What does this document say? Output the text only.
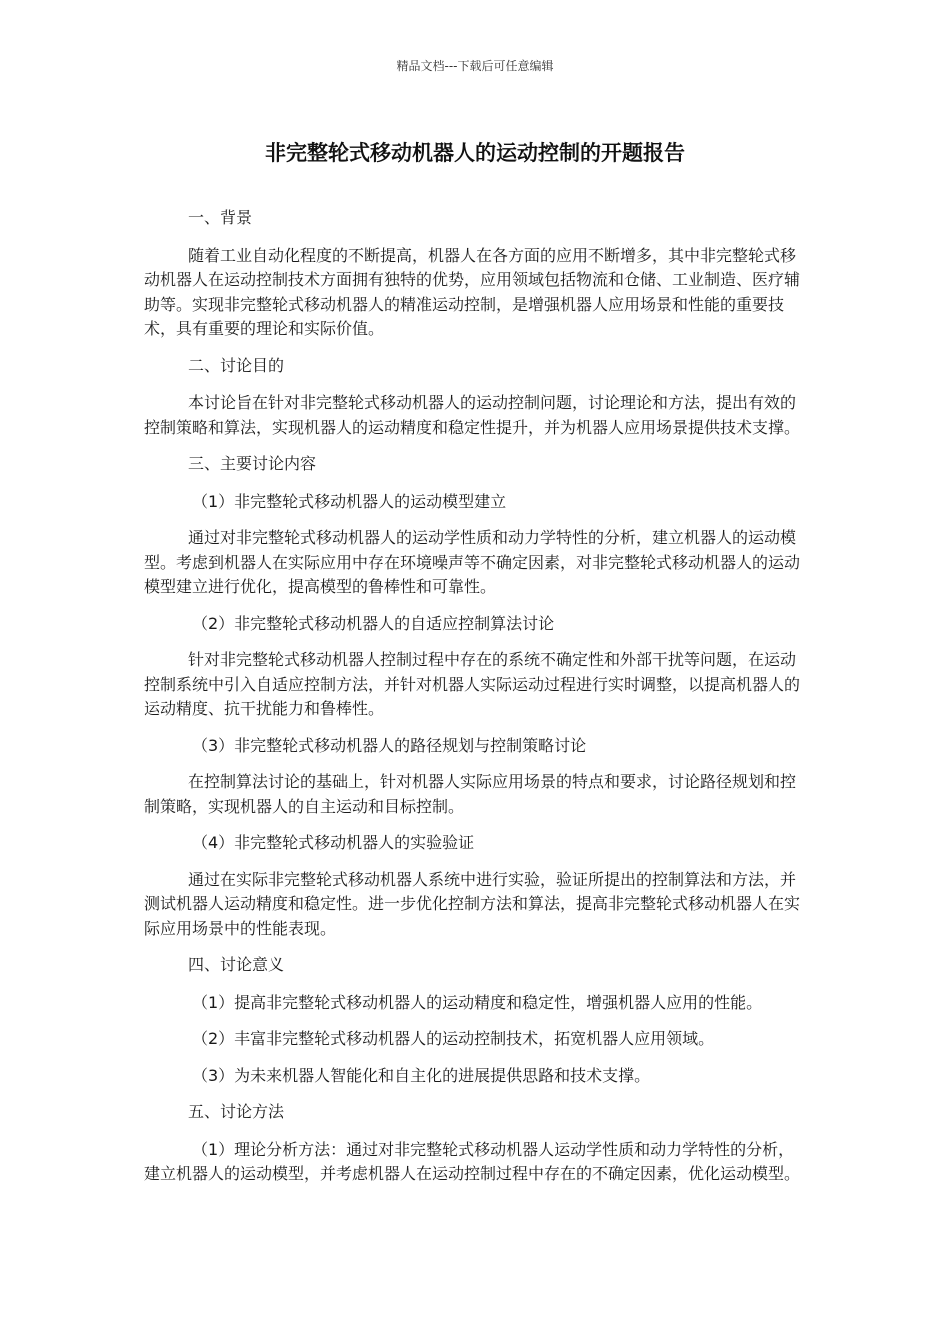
精品文档---下载后可任意编辑
非完整轮式移动机器人的运动控制的开题报告

一、背景

随着工业自动化程度的不断提高，机器人在各方面的应用不断增多，其中非完整轮式移动机器人在运动控制技术方面拥有独特的优势，应用领域包括物流和仓储、工业制造、医疗辅助等。实现非完整轮式移动机器人的精准运动控制，是增强机器人应用场景和性能的重要技术，具有重要的理论和实际价值。

二、讨论目的

本讨论旨在针对非完整轮式移动机器人的运动控制问题，讨论理论和方法，提出有效的控制策略和算法，实现机器人的运动精度和稳定性提升，并为机器人应用场景提供技术支撑。

三、主要讨论内容

（1）非完整轮式移动机器人的运动模型建立

通过对非完整轮式移动机器人的运动学性质和动力学特性的分析，建立机器人的运动模型。考虑到机器人在实际应用中存在环境噪声等不确定因素，对非完整轮式移动机器人的运动模型建立进行优化，提高模型的鲁棒性和可靠性。

（2）非完整轮式移动机器人的自适应控制算法讨论

针对非完整轮式移动机器人控制过程中存在的系统不确定性和外部干扰等问题，在运动控制系统中引入自适应控制方法，并针对机器人实际运动过程进行实时调整，以提高机器人的运动精度、抗干扰能力和鲁棒性。

（3）非完整轮式移动机器人的路径规划与控制策略讨论

在控制算法讨论的基础上，针对机器人实际应用场景的特点和要求，讨论路径规划和控制策略，实现机器人的自主运动和目标控制。

（4）非完整轮式移动机器人的实验验证

通过在实际非完整轮式移动机器人系统中进行实验，验证所提出的控制算法和方法，并测试机器人运动精度和稳定性。进一步优化控制方法和算法，提高非完整轮式移动机器人在实际应用场景中的性能表现。

四、讨论意义

（1）提高非完整轮式移动机器人的运动精度和稳定性，增强机器人应用的性能。

（2）丰富非完整轮式移动机器人的运动控制技术，拓宽机器人应用领域。

（3）为未来机器人智能化和自主化的进展提供思路和技术支撑。

五、讨论方法

（1）理论分析方法：通过对非完整轮式移动机器人运动学性质和动力学特性的分析，建立机器人的运动模型，并考虑机器人在运动控制过程中存在的不确定因素，优化运动模型。
